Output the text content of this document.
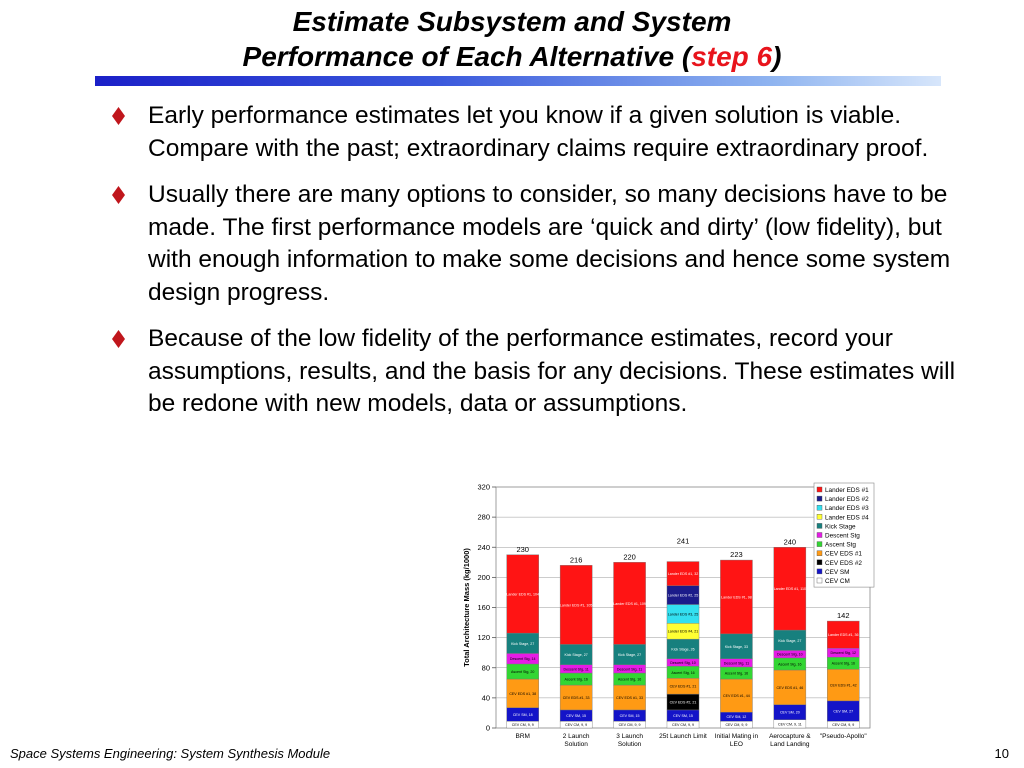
Estimate Subsystem and System
Performance of Each Alternative (step 6)
Early performance estimates let you know if a given solution is viable. Compare with the past; extraordinary claims require extraordinary proof.
Usually there are many options to consider, so many decisions have to be made. The first performance models are ‘quick and dirty’ (low fidelity), but with enough information to make some decisions and hence some system design progress.
Because of the low fidelity of the performance estimates, record your assumptions, results, and the basis for any decisions. These estimates will be redone with new models, data or assumptions.
0
40
80
120
160
200
240
280
320
Total Architecture Mass (kg/1000)
CEV CM, 9, 9
CEV SM, 18
CEV EDS #1, 38
Ascent Stg, 20
Descent Stg, 14
Kick Stage, 27
Lander EDS #1, 104
230
BRM
CEV CM, 9, 9
CEV SM, 15
CEV EDS #1, 33
Ascent Stg, 16
Descent Stg, 11
Kick Stage, 27
Lander EDS #1, 105
216
2 Launch
Solution
CEV CM, 9, 9
CEV SM, 15
CEV EDS #1, 33
Ascent Stg, 16
Descent Stg, 11
Kick Stage, 27
Lander EDS #1, 109
220
3 Launch
Solution
CEV CM, 9, 9
CEV SM, 15
CEV EDS #2, 21
CEV EDS #1, 21
Ascent Stg, 16
Descent Stg, 10
Kick Stage, 26
Lander EDS #4, 21
Lander EDS #3, 25
Lander EDS #2, 25
Lander EDS #1, 32
241
25t Launch Limit
CEV CM, 9, 9
CEV SM, 12
CEV EDS #1, 44
Ascent Stg, 16
Descent Stg, 11
Kick Stage, 33
Lander EDS #1, 98
223
Initial Mating in
LEO
CEV CM, 9, 11
CEV SM, 20
CEV EDS #1, 46
Ascent Stg, 16
Descent Stg, 10
Kick Stage, 27
Lander EDS #1, 110
240
Aerocapture &
Land Landing
CEV CM, 9, 9
CEV SM, 27
CEV EDS #1, 42
Ascent Stg, 16
Descent Stg, 12
Lander EDS #1, 36
142
"Pseudo-Apollo"
Lander EDS #1
Lander EDS #2
Lander EDS #3
Lander EDS #4
Kick Stage
Descent Stg
Ascent Stg
CEV EDS #1
CEV EDS #2
CEV SM
CEV CM
Space Systems Engineering: System Synthesis Module	10
